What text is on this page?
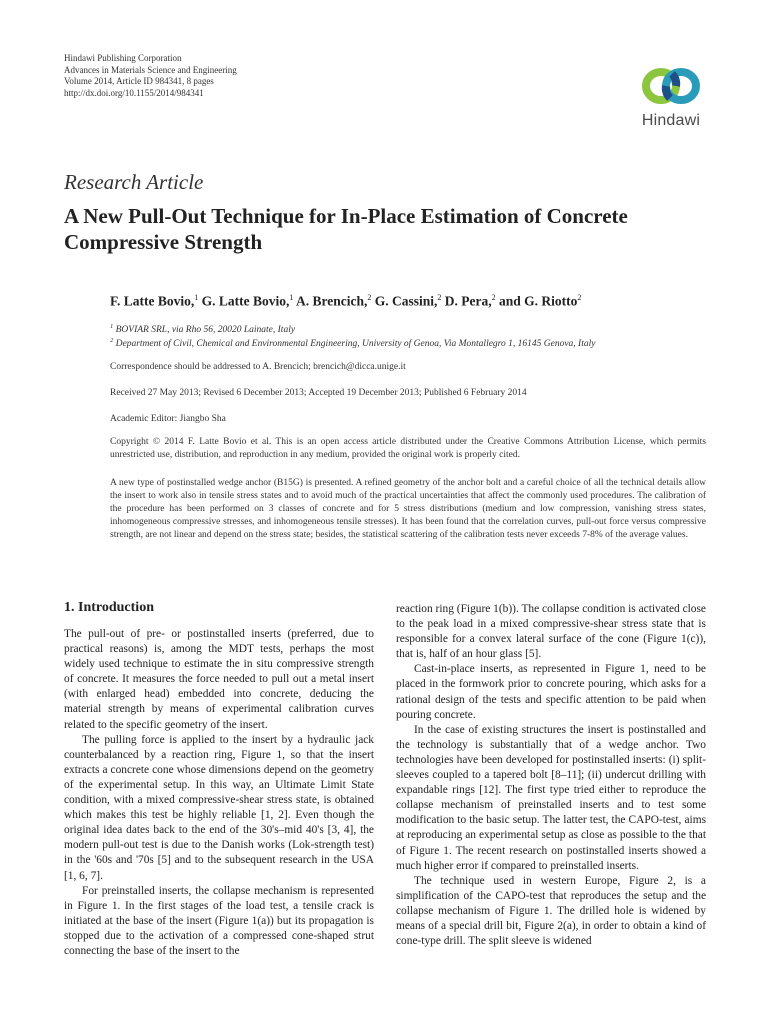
Hindawi Publishing Corporation
Advances in Materials Science and Engineering
Volume 2014, Article ID 984341, 8 pages
http://dx.doi.org/10.1155/2014/984341
Hindawi
Research Article
A New Pull-Out Technique for In-Place Estimation of Concrete Compressive Strength
F. Latte Bovio,$^1$ G. Latte Bovio,$^1$ A. Brencich,$^2$ G. Cassini,$^2$ D. Pera,$^2$ and G. Riotto$^2$
$^1$ BOVIAR SRL, via Rho 56, 20020 Lainate, Italy
$^2$ Department of Civil, Chemical and Environmental Engineering, University of Genoa, Via Montallegro 1, 16145 Genova, Italy
Correspondence should be addressed to A. Brencich; brencich@dicca.unige.it
Received 27 May 2013; Revised 6 December 2013; Accepted 19 December 2013; Published 6 February 2014
Academic Editor: Jiangbo Sha
Copyright © 2014 F. Latte Bovio et al. This is an open access article distributed under the Creative Commons Attribution License, which permits unrestricted use, distribution, and reproduction in any medium, provided the original work is properly cited.
A new type of postinstalled wedge anchor (B15G) is presented. A refined geometry of the anchor bolt and a careful choice of all the technical details allow the insert to work also in tensile stress states and to avoid much of the practical uncertainties that affect the commonly used procedures. The calibration of the procedure has been performed on 3 classes of concrete and for 5 stress distributions (medium and low compression, vanishing stress states, inhomogeneous compressive stresses, and inhomogeneous tensile stresses). It has been found that the correlation curves, pull-out force versus compressive strength, are not linear and depend on the stress state; besides, the statistical scattering of the calibration tests never exceeds 7-8% of the average values.
1. Introduction

The pull-out of pre- or postinstalled inserts (preferred, due to practical reasons) is, among the MDT tests, perhaps the most widely used technique to estimate the in situ compressive strength of concrete. It measures the force needed to pull out a metal insert (with enlarged head) embedded into concrete, deducing the material strength by means of experimental calibration curves related to the specific geometry of the insert.

The pulling force is applied to the insert by a hydraulic jack counterbalanced by a reaction ring, Figure 1, so that the insert extracts a concrete cone whose dimensions depend on the geometry of the experimental setup. In this way, an Ultimate Limit State condition, with a mixed compressive-shear stress state, is obtained which makes this test be highly reliable [1, 2]. Even though the original idea dates back to the end of the 30's–mid 40's [3, 4], the modern pull-out test is due to the Danish works (Lok-strength test) in the '60s and '70s [5] and to the subsequent research in the USA [1, 6, 7].

For preinstalled inserts, the collapse mechanism is represented in Figure 1. In the first stages of the load test, a tensile crack is initiated at the base of the insert (Figure 1(a)) but its propagation is stopped due to the activation of a compressed cone-shaped strut connecting the base of the insert to the

reaction ring (Figure 1(b)). The collapse condition is activated close to the peak load in a mixed compressive-shear stress state that is responsible for a convex lateral surface of the cone (Figure 1(c)), that is, half of an hour glass [5].

Cast-in-place inserts, as represented in Figure 1, need to be placed in the formwork prior to concrete pouring, which asks for a rational design of the tests and specific attention to be paid when pouring concrete.

In the case of existing structures the insert is postinstalled and the technology is substantially that of a wedge anchor. Two technologies have been developed for postinstalled inserts: (i) split-sleeves coupled to a tapered bolt [8–11]; (ii) undercut drilling with expandable rings [12]. The first type tried either to reproduce the collapse mechanism of preinstalled inserts and to test some modification to the basic setup. The latter test, the CAPO-test, aims at reproducing an experimental setup as close as possible to the that of Figure 1. The recent research on postinstalled inserts showed a much higher error if compared to preinstalled inserts.

The technique used in western Europe, Figure 2, is a simplification of the CAPO-test that reproduces the setup and the collapse mechanism of Figure 1. The drilled hole is widened by means of a special drill bit, Figure 2(a), in order to obtain a kind of cone-type drill. The split sleeve is widened
